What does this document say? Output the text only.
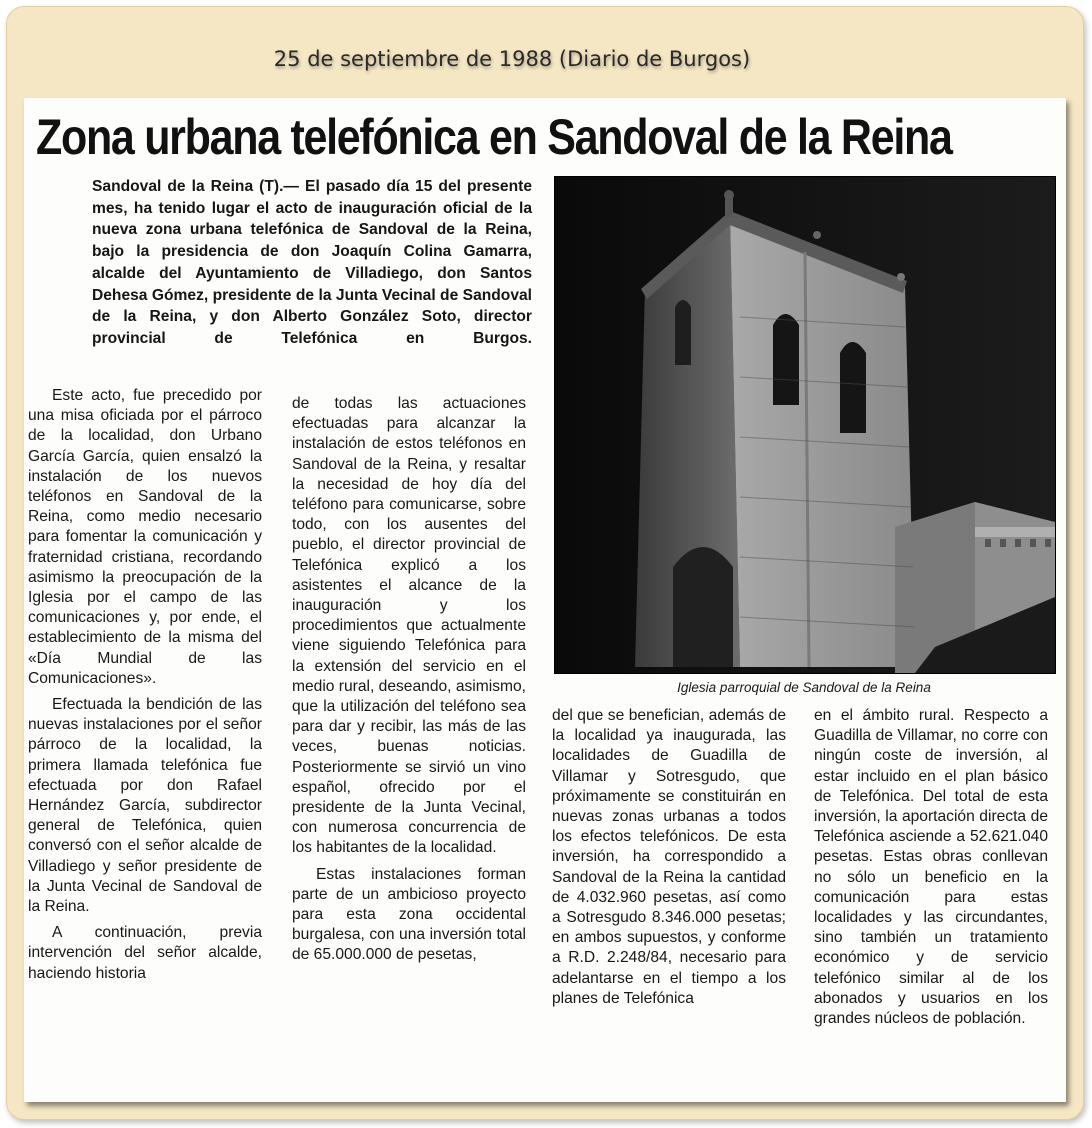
25 de septiembre de 1988 (Diario de Burgos)
Zona urbana telefónica en Sandoval de la Reina

Sandoval de la Reina (T).— El pasado día 15 del presente mes, ha tenido lugar el acto de inauguración oficial de la nueva zona urbana telefónica de Sandoval de la Reina, bajo la presidencia de don Joaquín Colina Gamarra, alcalde del Ayuntamiento de Villadiego, don Santos Dehesa Gómez, presidente de la Junta Vecinal de Sandoval de la Reina, y don Alberto González Soto, director provincial de Telefónica en Burgos.

Iglesia parroquial de Sandoval de la Reina

Este acto, fue precedido por una misa oficiada por el párroco de la localidad, don Urbano García García, quien ensalzó la instalación de los nuevos teléfonos en Sandoval de la Reina, como medio necesario para fomentar la comunicación y fraternidad cristiana, recordando asimismo la preocupación de la Iglesia por el campo de las comunicaciones y, por ende, el establecimiento de la misma del «Día Mundial de las Comunicaciones».

Efectuada la bendición de las nuevas instalaciones por el señor párroco de la localidad, la primera llamada telefónica fue efectuada por don Rafael Hernández García, subdirector general de Telefónica, quien conversó con el señor alcalde de Villadiego y señor presidente de la Junta Vecinal de Sandoval de la Reina.

A continuación, previa intervención del señor alcalde, haciendo historia

de todas las actuaciones efectuadas para alcanzar la instalación de estos teléfonos en Sandoval de la Reina, y resaltar la necesidad de hoy día del teléfono para comunicarse, sobre todo, con los ausentes del pueblo, el director provincial de Telefónica explicó a los asistentes el alcance de la inauguración y los procedimientos que actualmente viene siguiendo Telefónica para la extensión del servicio en el medio rural, deseando, asimismo, que la utilización del teléfono sea para dar y recibir, las más de las veces, buenas noticias. Posteriormente se sirvió un vino español, ofrecido por el presidente de la Junta Vecinal, con numerosa concurrencia de los habitantes de la localidad.

Estas instalaciones forman parte de un ambicioso proyecto para esta zona occidental burgalesa, con una inversión total de 65.000.000 de pesetas,

del que se benefician, además de la localidad ya inaugurada, las localidades de Guadilla de Villamar y Sotresgudo, que próximamente se constituirán en nuevas zonas urbanas a todos los efectos telefónicos. De esta inversión, ha correspondido a Sandoval de la Reina la cantidad de 4.032.960 pesetas, así como a Sotresgudo 8.346.000 pesetas; en ambos supuestos, y conforme a R.D. 2.248/84, necesario para adelantarse en el tiempo a los planes de Telefónica

en el ámbito rural. Respecto a Guadilla de Villamar, no corre con ningún coste de inversión, al estar incluido en el plan básico de Telefónica. Del total de esta inversión, la aportación directa de Telefónica asciende a 52.621.040 pesetas. Estas obras conllevan no sólo un beneficio en la comunicación para estas localidades y las circundantes, sino también un tratamiento económico y de servicio telefónico similar al de los abonados y usuarios en los grandes núcleos de población.
